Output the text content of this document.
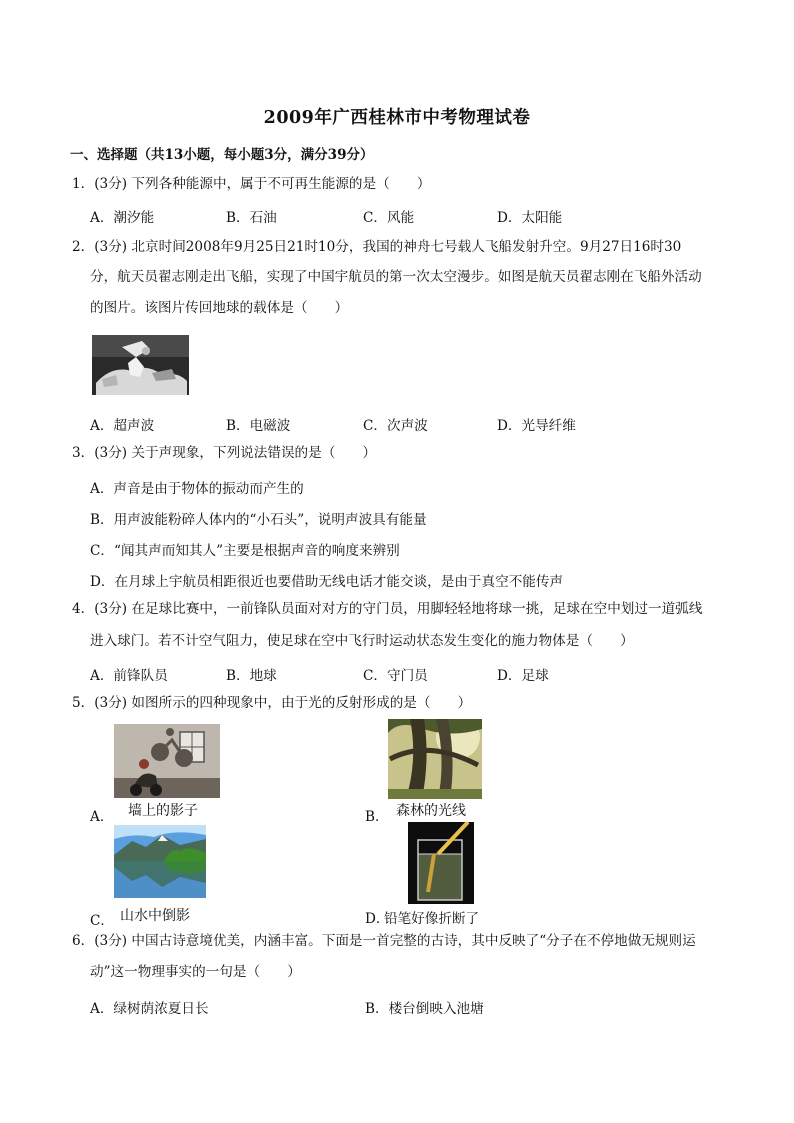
2009年广西桂林市中考物理试卷
一、选择题（共13小题，每小题3分，满分39分）
1．(3分) 下列各种能源中，属于不可再生能源的是（　　）
A．潮汐能	B．石油	C．风能	D．太阳能
2．(3分) 北京时间2008年9月25日21时10分，我国的神舟七号载人飞船发射升空。9月27日16时30
分，航天员翟志刚走出飞船，实现了中国宇航员的第一次太空漫步。如图是航天员翟志刚在飞船外活动
的图片。该图片传回地球的载体是（　　）
A．超声波	B．电磁波	C．次声波	D．光导纤维
3．(3分) 关于声现象，下列说法错误的是（　　）
A．声音是由于物体的振动而产生的
B．用声波能粉碎人体内的“小石头”，说明声波具有能量
C．“闻其声而知其人”主要是根据声音的响度来辨别
D．在月球上宇航员相距很近也要借助无线电话才能交谈，是由于真空不能传声
4．(3分) 在足球比赛中，一前锋队员面对对方的守门员，用脚轻轻地将球一挑，足球在空中划过一道弧线
进入球门。若不计空气阻力，使足球在空中飞行时运动状态发生变化的施力物体是（　　）
A．前锋队员	B．地球	C．守门员	D．足球
5．(3分) 如图所示的四种现象中，由于光的反射形成的是（　　）
A． 墙上的影子	B． 森林的光线
C． 山水中倒影	D．
铅笔好像折断了
6．(3分) 中国古诗意境优美，内涵丰富。下面是一首完整的古诗，其中反映了“分子在不停地做无规则运
动”这一物理事实的一句是（　　）
A．绿树荫浓夏日长	B．楼台倒映入池塘
